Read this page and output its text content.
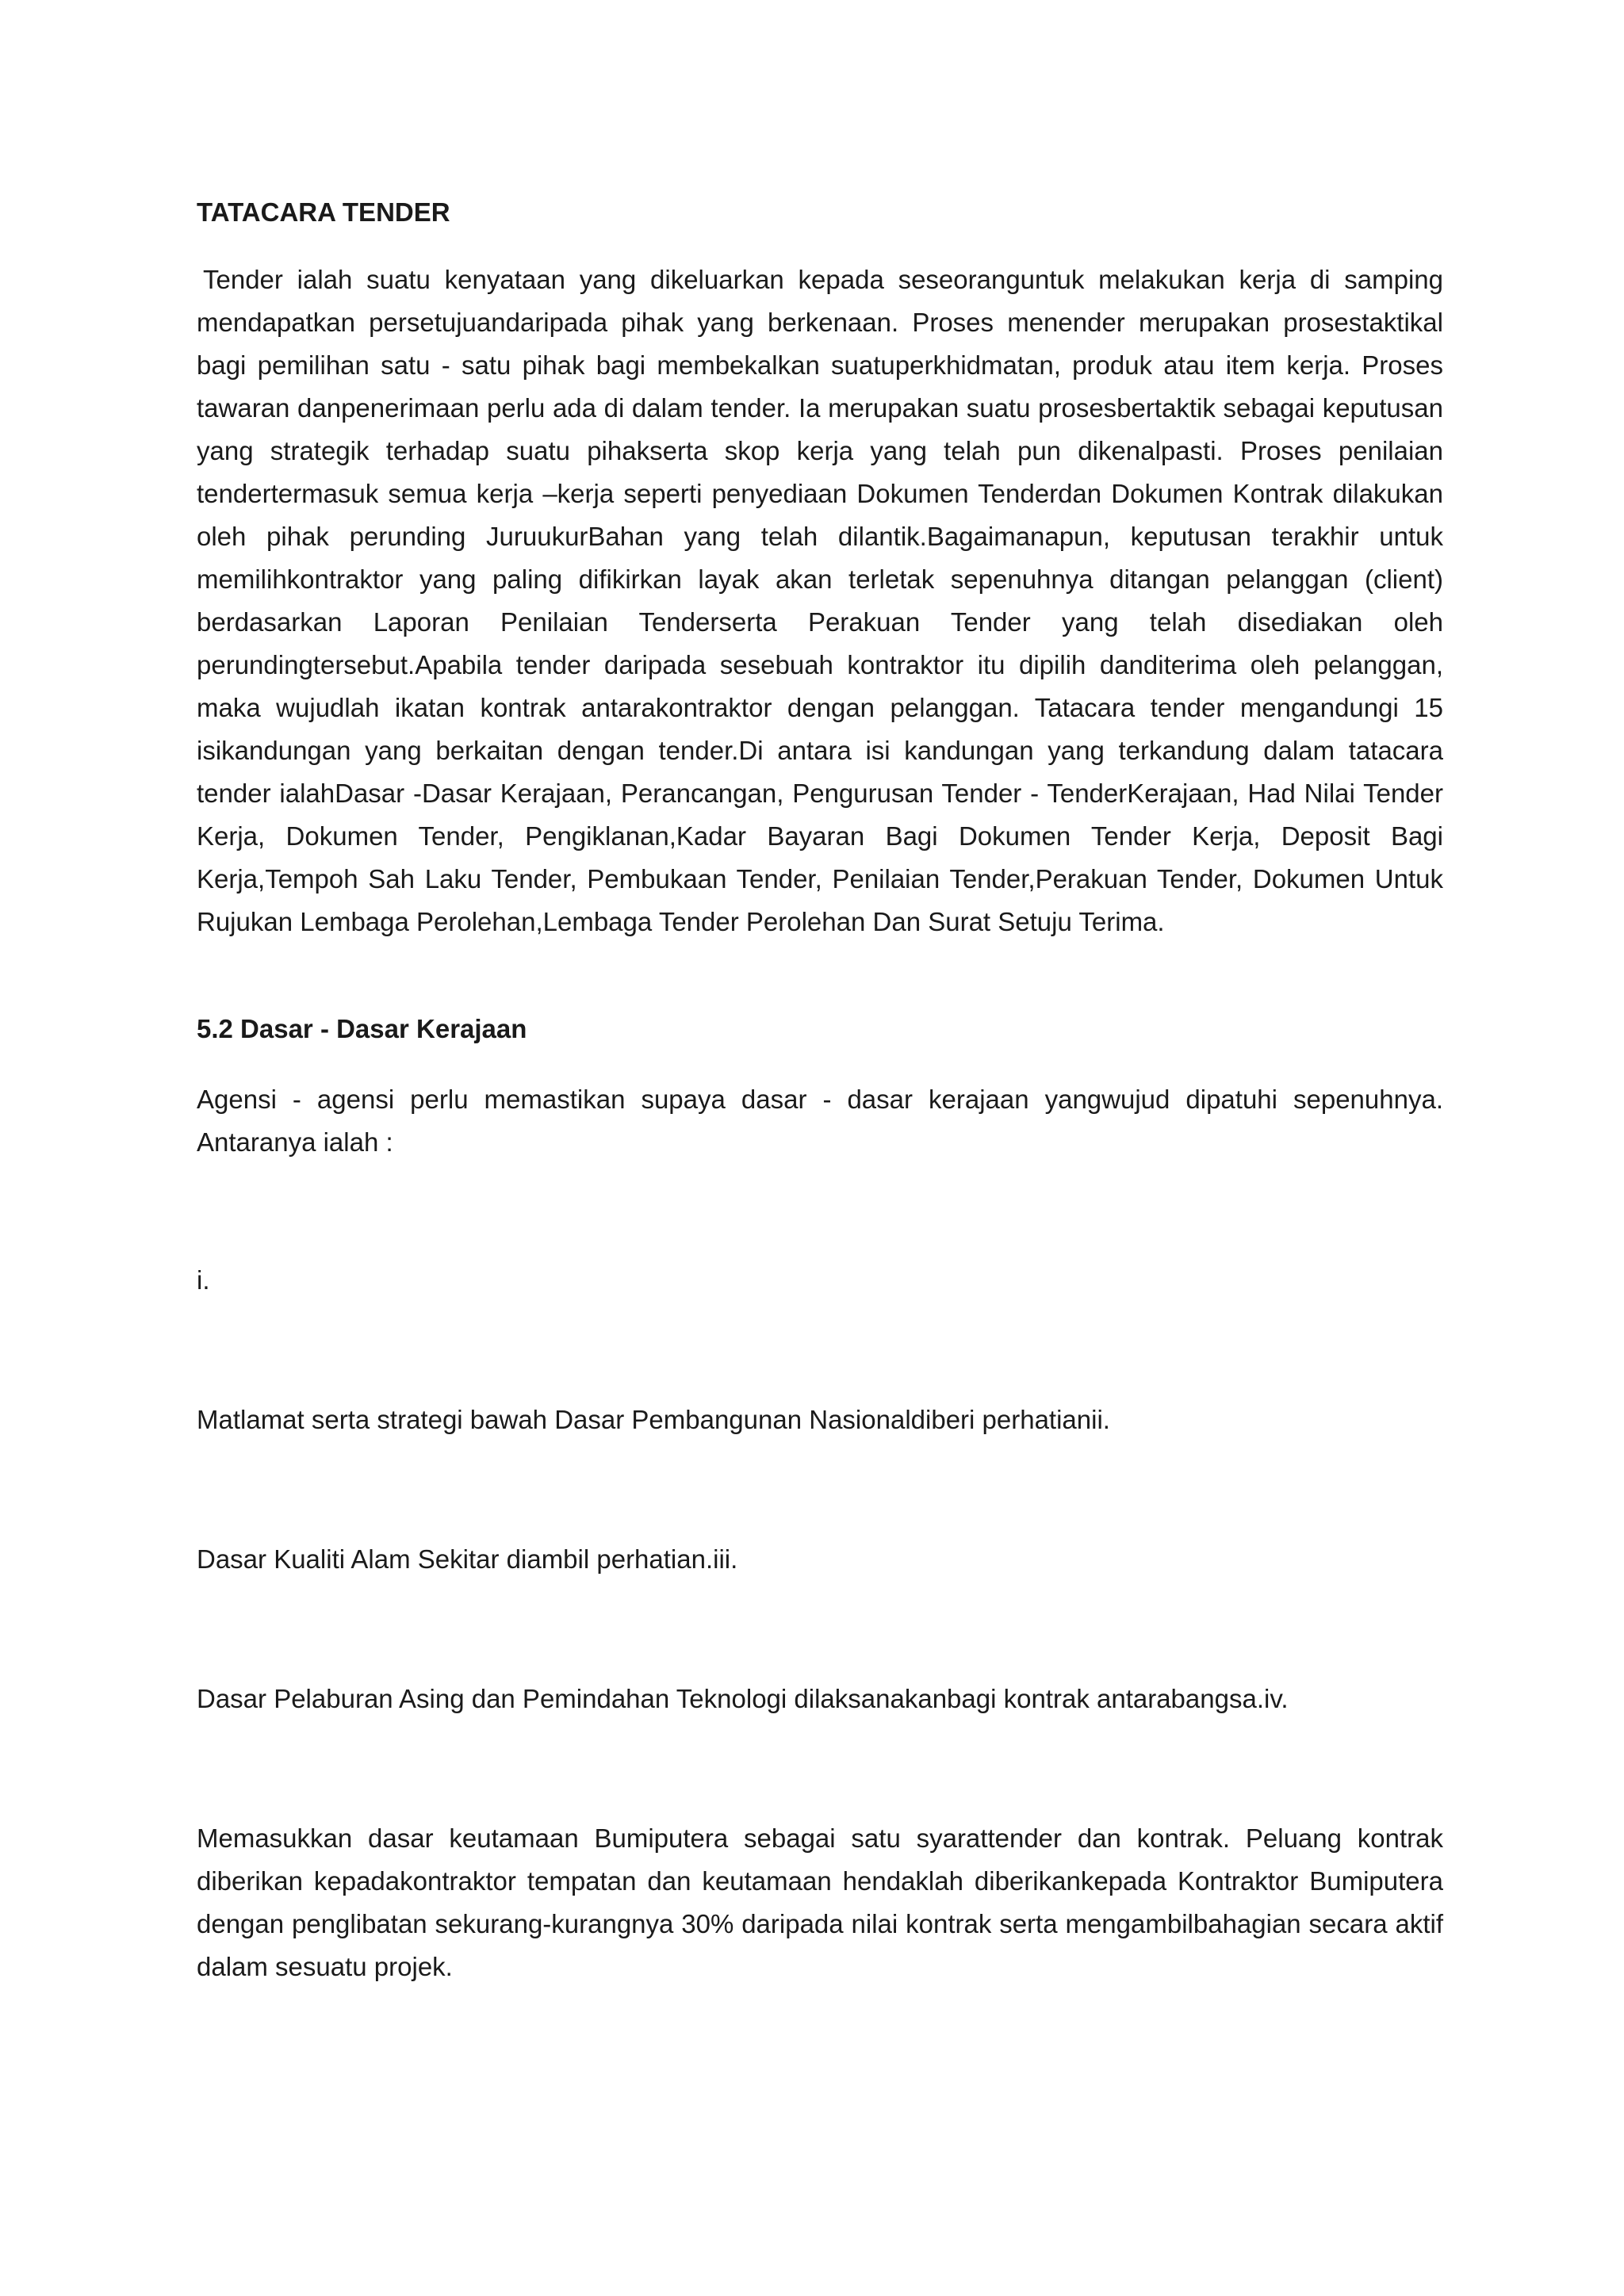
TATACARA TENDER

Tender ialah suatu kenyataan yang dikeluarkan kepada seseoranguntuk melakukan kerja di samping mendapatkan persetujuandaripada pihak yang berkenaan. Proses menender merupakan prosestaktikal bagi pemilihan satu - satu pihak bagi membekalkan suatuperkhidmatan, produk atau item kerja. Proses tawaran danpenerimaan perlu ada di dalam tender. Ia merupakan suatu prosesbertaktik sebagai keputusan yang strategik terhadap suatu pihakserta skop kerja yang telah pun dikenalpasti. Proses penilaian tendertermasuk semua kerja –kerja seperti penyediaan Dokumen Tenderdan Dokumen Kontrak dilakukan oleh pihak perunding JuruukurBahan yang telah dilantik.Bagaimanapun, keputusan terakhir untuk memilihkontraktor yang paling difikirkan layak akan terletak sepenuhnya ditangan pelanggan (client) berdasarkan Laporan Penilaian Tenderserta Perakuan Tender yang telah disediakan oleh perundingtersebut.Apabila tender daripada sesebuah kontraktor itu dipilih danditerima oleh pelanggan, maka wujudlah ikatan kontrak antarakontraktor dengan pelanggan. Tatacara tender mengandungi 15 isikandungan yang berkaitan dengan tender.Di antara isi kandungan yang terkandung dalam tatacara tender ialahDasar -Dasar Kerajaan, Perancangan, Pengurusan Tender - TenderKerajaan, Had Nilai Tender Kerja, Dokumen Tender, Pengiklanan,Kadar Bayaran Bagi Dokumen Tender Kerja, Deposit Bagi Kerja,Tempoh Sah Laku Tender, Pembukaan Tender, Penilaian Tender,Perakuan Tender, Dokumen Untuk Rujukan Lembaga Perolehan,Lembaga Tender Perolehan Dan Surat Setuju Terima.

5.2 Dasar - Dasar Kerajaan

Agensi - agensi perlu memastikan supaya dasar - dasar kerajaan yangwujud dipatuhi sepenuhnya. Antaranya ialah :

i.

Matlamat serta strategi bawah Dasar Pembangunan Nasionaldiberi perhatianii.

Dasar Kualiti Alam Sekitar diambil perhatian.iii.

Dasar Pelaburan Asing dan Pemindahan Teknologi dilaksanakanbagi kontrak antarabangsa.iv.

Memasukkan dasar keutamaan Bumiputera sebagai satu syarattender dan kontrak. Peluang kontrak diberikan kepadakontraktor tempatan dan keutamaan hendaklah diberikankepada Kontraktor Bumiputera dengan penglibatan sekurang-kurangnya 30% daripada nilai kontrak serta mengambilbahagian secara aktif dalam sesuatu projek.
